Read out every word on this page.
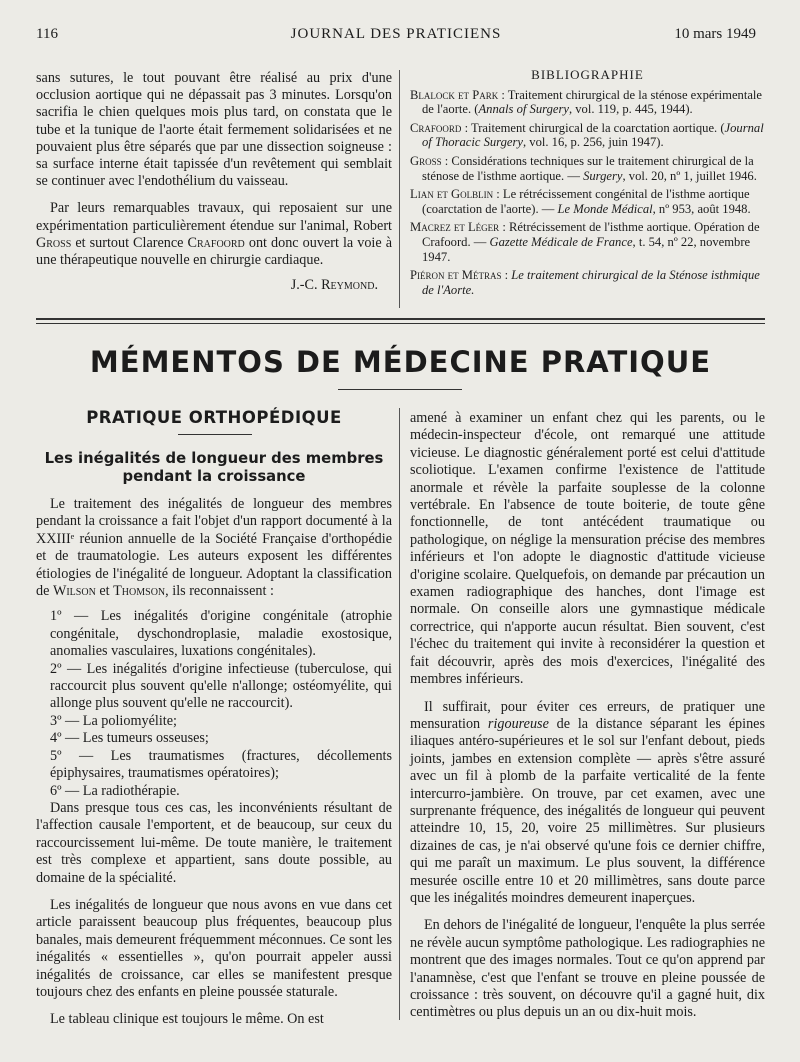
116	JOURNAL DES PRATICIENS	10 mars 1949

sans sutures, le tout pouvant être réalisé au prix d'une occlusion aortique qui ne dépassait pas 3 minutes. Lorsqu'on sacrifia le chien quelques mois plus tard, on constata que le tube et la tunique de l'aorte était fermement solidarisées et ne pouvaient plus être séparés que par une dissection soigneuse : sa surface interne était tapissée d'un revêtement qui semblait se continuer avec l'endothélium du vaisseau.

Par leurs remarquables travaux, qui reposaient sur une expérimentation particulièrement étendue sur l'animal, Robert Gross et surtout Clarence Crafoord ont donc ouvert la voie à une thérapeutique nouvelle en chirurgie cardiaque.

J.-C. Reymond.

BIBLIOGRAPHIE
Blalock et Park : Traitement chirurgical de la sténose expérimentale de l'aorte. (Annals of Surgery, vol. 119, p. 445, 1944).
Crafoord : Traitement chirurgical de la coarctation aortique. (Journal of Thoracic Surgery, vol. 16, p. 256, juin 1947).
Gross : Considérations techniques sur le traitement chirurgical de la sténose de l'isthme aortique. — Surgery, vol. 20, nº 1, juillet 1946.
Lian et Golblin : Le rétrécissement congénital de l'isthme aortique (coarctation de l'aorte). — Le Monde Médical, nº 953, août 1948.
Macrez et Léger : Rétrécissement de l'isthme aortique. Opération de Crafoord. — Gazette Médicale de France, t. 54, nº 22, novembre 1947.
Piéron et Métras : Le traitement chirurgical de la Sténose isthmique de l'Aorte.
MÉMENTOS DE MÉDECINE PRATIQUE
PRATIQUE ORTHOPÉDIQUE
Les inégalités de longueur des membres pendant la croissance

Le traitement des inégalités de longueur des membres pendant la croissance a fait l'objet d'un rapport documenté à la XXIIIᵉ réunion annuelle de la Société Française d'orthopédie et de traumatologie. Les auteurs exposent les différentes étiologies de l'inégalité de longueur. Adoptant la classification de Wilson et Thomson, ils reconnaissent :

1º — Les inégalités d'origine congénitale (atrophie congénitale, dyschondroplasie, maladie exostosique, anomalies vasculaires, luxations congénitales).

2º — Les inégalités d'origine infectieuse (tuberculose, qui raccourcit plus souvent qu'elle n'allonge; ostéomyélite, qui allonge plus souvent qu'elle ne raccourcit).

3º — La poliomyélite;

4º — Les tumeurs osseuses;

5º — Les traumatismes (fractures, décollements épiphysaires, traumatismes opératoires);

6º — La radiothérapie.

Dans presque tous ces cas, les inconvénients résultant de l'affection causale l'emportent, et de beaucoup, sur ceux du raccourcissement lui-même. De toute manière, le traitement est très complexe et appartient, sans doute possible, au domaine de la spécialité.

Les inégalités de longueur que nous avons en vue dans cet article paraissent beaucoup plus fréquentes, beaucoup plus banales, mais demeurent fréquemment méconnues. Ce sont les inégalités « essentielles », qu'on pourrait appeler aussi inégalités de croissance, car elles se manifestent presque toujours chez des enfants en pleine poussée staturale.

Le tableau clinique est toujours le même. On est

amené à examiner un enfant chez qui les parents, ou le médecin-inspecteur d'école, ont remarqué une attitude vicieuse. Le diagnostic généralement porté est celui d'attitude scoliotique. L'examen confirme l'existence de l'attitude anormale et révèle la parfaite souplesse de la colonne vertébrale. En l'absence de toute boiterie, de toute gêne fonctionnelle, de tont antécédent traumatique ou pathologique, on néglige la mensuration précise des membres inférieurs et l'on adopte le diagnostic d'attitude vicieuse d'origine scolaire. Quelquefois, on demande par précaution un examen radiographique des hanches, dont l'image est normale. On conseille alors une gymnastique médicale correctrice, qui n'apporte aucun résultat. Bien souvent, c'est l'échec du traitement qui invite à reconsidérer la question et fait découvrir, après des mois d'exercices, l'inégalité des membres inférieurs.

Il suffirait, pour éviter ces erreurs, de pratiquer une mensuration rigoureuse de la distance séparant les épines iliaques antéro-supérieures et le sol sur l'enfant debout, pieds joints, jambes en extension complète — après s'être assuré avec un fil à plomb de la parfaite verticalité de la fente intercurro-jambière. On trouve, par cet examen, avec une surprenante fréquence, des inégalités de longueur qui peuvent atteindre 10, 15, 20, voire 25 millimètres. Sur plusieurs dizaines de cas, je n'ai observé qu'une fois ce dernier chiffre, qui me paraît un maximum. Le plus souvent, la différence mesurée oscille entre 10 et 20 millimètres, sans doute parce que les inégalités moindres demeurent inaperçues.

En dehors de l'inégalité de longueur, l'enquête la plus serrée ne révèle aucun symptôme pathologique. Les radiographies ne montrent que des images normales. Tout ce qu'on apprend par l'anamnèse, c'est que l'enfant se trouve en pleine poussée de croissance : très souvent, on découvre qu'il a gagné huit, dix centimètres ou plus depuis un an ou dix-huit mois.
